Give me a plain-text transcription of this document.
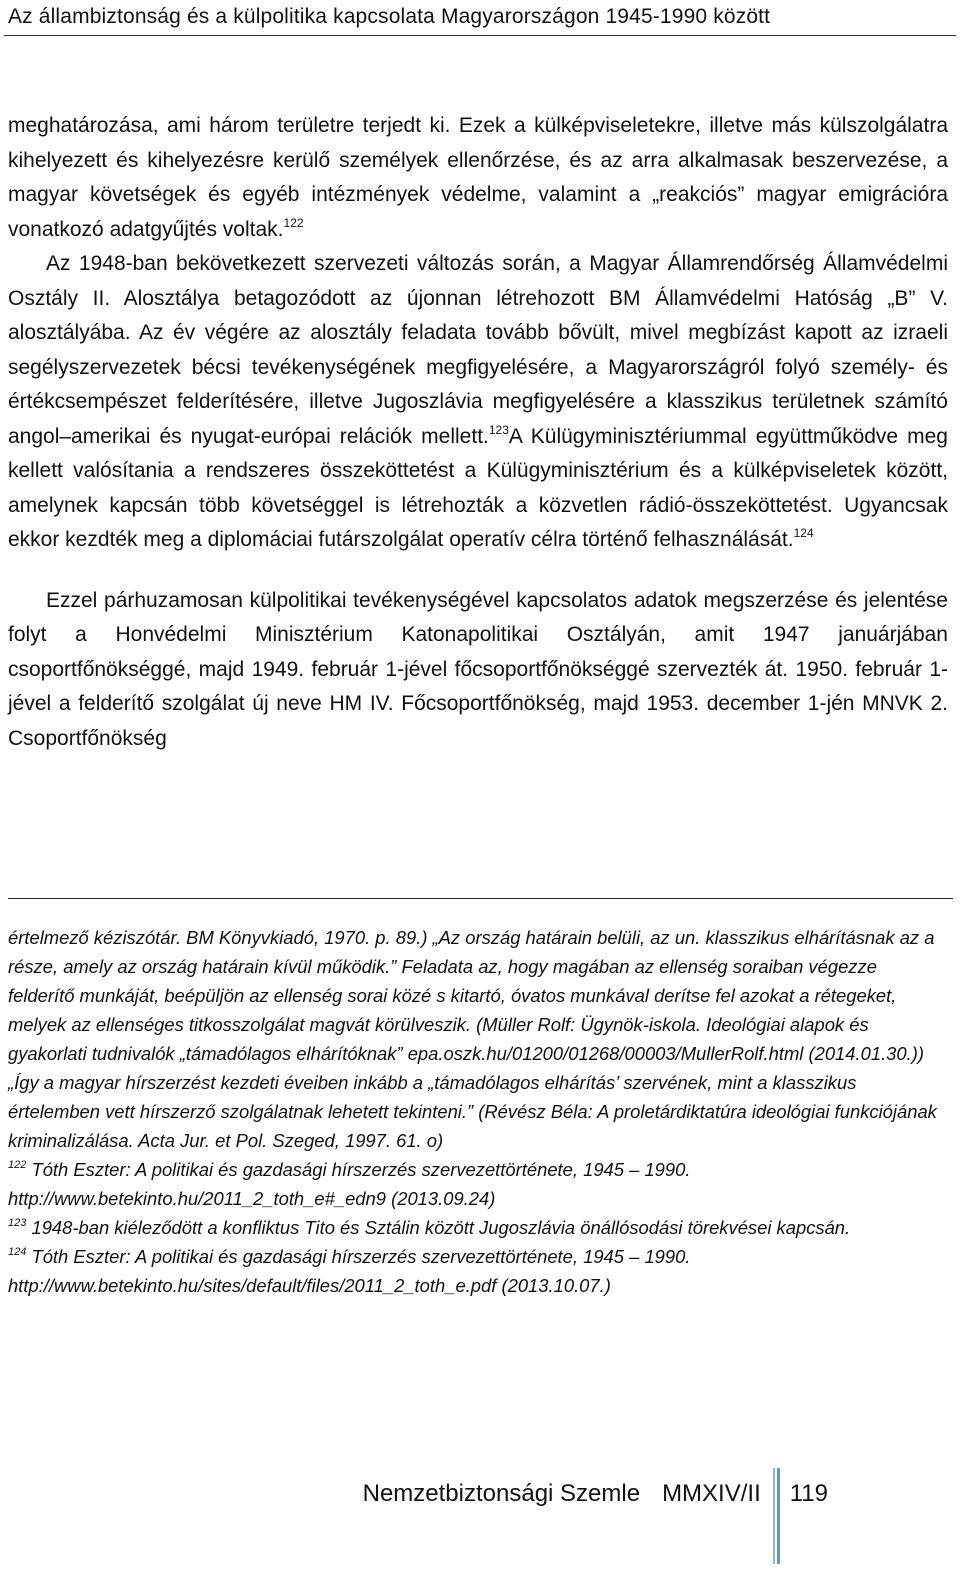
Az állambiztonság és a külpolitika kapcsolata Magyarországon 1945-1990 között

meghatározása, ami három területre terjedt ki. Ezek a külképviseletekre, illetve más külszolgálatra kihelyezett és kihelyezésre kerülő személyek ellenőrzése, és az arra alkalmasak beszervezése, a magyar követségek és egyéb intézmények védelme, valamint a „reakciós” magyar emigrációra vonatkozó adatgyűjtés voltak.$^{122}$

Az 1948-ban bekövetkezett szervezeti változás során, a Magyar Államrendőrség Államvédelmi Osztály II. Alosztálya betagozódott az újonnan létrehozott BM Államvédelmi Hatóság „B” V. alosztályába. Az év végére az alosztály feladata tovább bővült, mivel megbízást kapott az izraeli segélyszervezetek bécsi tevékenységének megfigyelésére, a Magyarországról folyó személy- és értékcsempészet felderítésére, illetve Jugoszlávia megfigyelésére a klasszikus területnek számító angol–amerikai és nyugat-európai relációk mellett.$^{123}$A Külügyminisztériummal együttműködve meg kellett valósítania a rendszeres összeköttetést a Külügyminisztérium és a külképviseletek között, amelynek kapcsán több követséggel is létrehozták a közvetlen rádió-összeköttetést. Ugyancsak ekkor kezdték meg a diplomáciai futárszolgálat operatív célra történő felhasználását.$^{124}$

Ezzel párhuzamosan külpolitikai tevékenységével kapcsolatos adatok megszerzése és jelentése folyt a Honvédelmi Minisztérium Katonapolitikai Osztályán, amit 1947 januárjában csoportfőnökséggé, majd 1949. február 1-jével főcsoportfőnökséggé szervezték át. 1950. február 1-jével a felderítő szolgálat új neve HM IV. Főcsoportfőnökség, majd 1953. december 1-jén MNVK 2. Csoportfőnökség

értelmező kéziszótár. BM Könyvkiadó, 1970. p. 89.) „Az ország határain belüli, az un. klasszikus elhárításnak az a része, amely az ország határain kívül működik.” Feladata az, hogy magában az ellenség soraiban végezze felderítő munkáját, beépüljön az ellenség sorai közé s kitartó, óvatos munkával derítse fel azokat a rétegeket, melyek az ellenséges titkosszolgálat magvát körülveszik. (Müller Rolf: Ügynök-iskola. Ideológiai alapok és gyakorlati tudnivalók „támadólagos elhárítóknak” epa.oszk.hu/01200/01268/00003/MullerRolf.html (2014.01.30.)) „Így a magyar hírszerzést kezdeti éveiben inkább a „támadólagos elhárítás’ szervének, mint a klasszikus értelemben vett hírszerző szolgálatnak lehetett tekinteni.” (Révész Béla: A proletárdiktatúra ideológiai funkciójának kriminalizálása. Acta Jur. et Pol. Szeged, 1997. 61. o)

$^{122}$ Tóth Eszter: A politikai és gazdasági hírszerzés szervezettörténete, 1945 – 1990. http://www.betekinto.hu/2011_2_toth_e#_edn9 (2013.09.24)

$^{123}$ 1948-ban kiéleződött a konfliktus Tito és Sztálin között Jugoszlávia önállósodási törekvései kapcsán.

$^{124}$ Tóth Eszter: A politikai és gazdasági hírszerzés szervezettörténete, 1945 – 1990. http://www.betekinto.hu/sites/default/files/2011_2_toth_e.pdf (2013.10.07.)

Nemzetbiztonsági Szemle MMXIV/II 119
